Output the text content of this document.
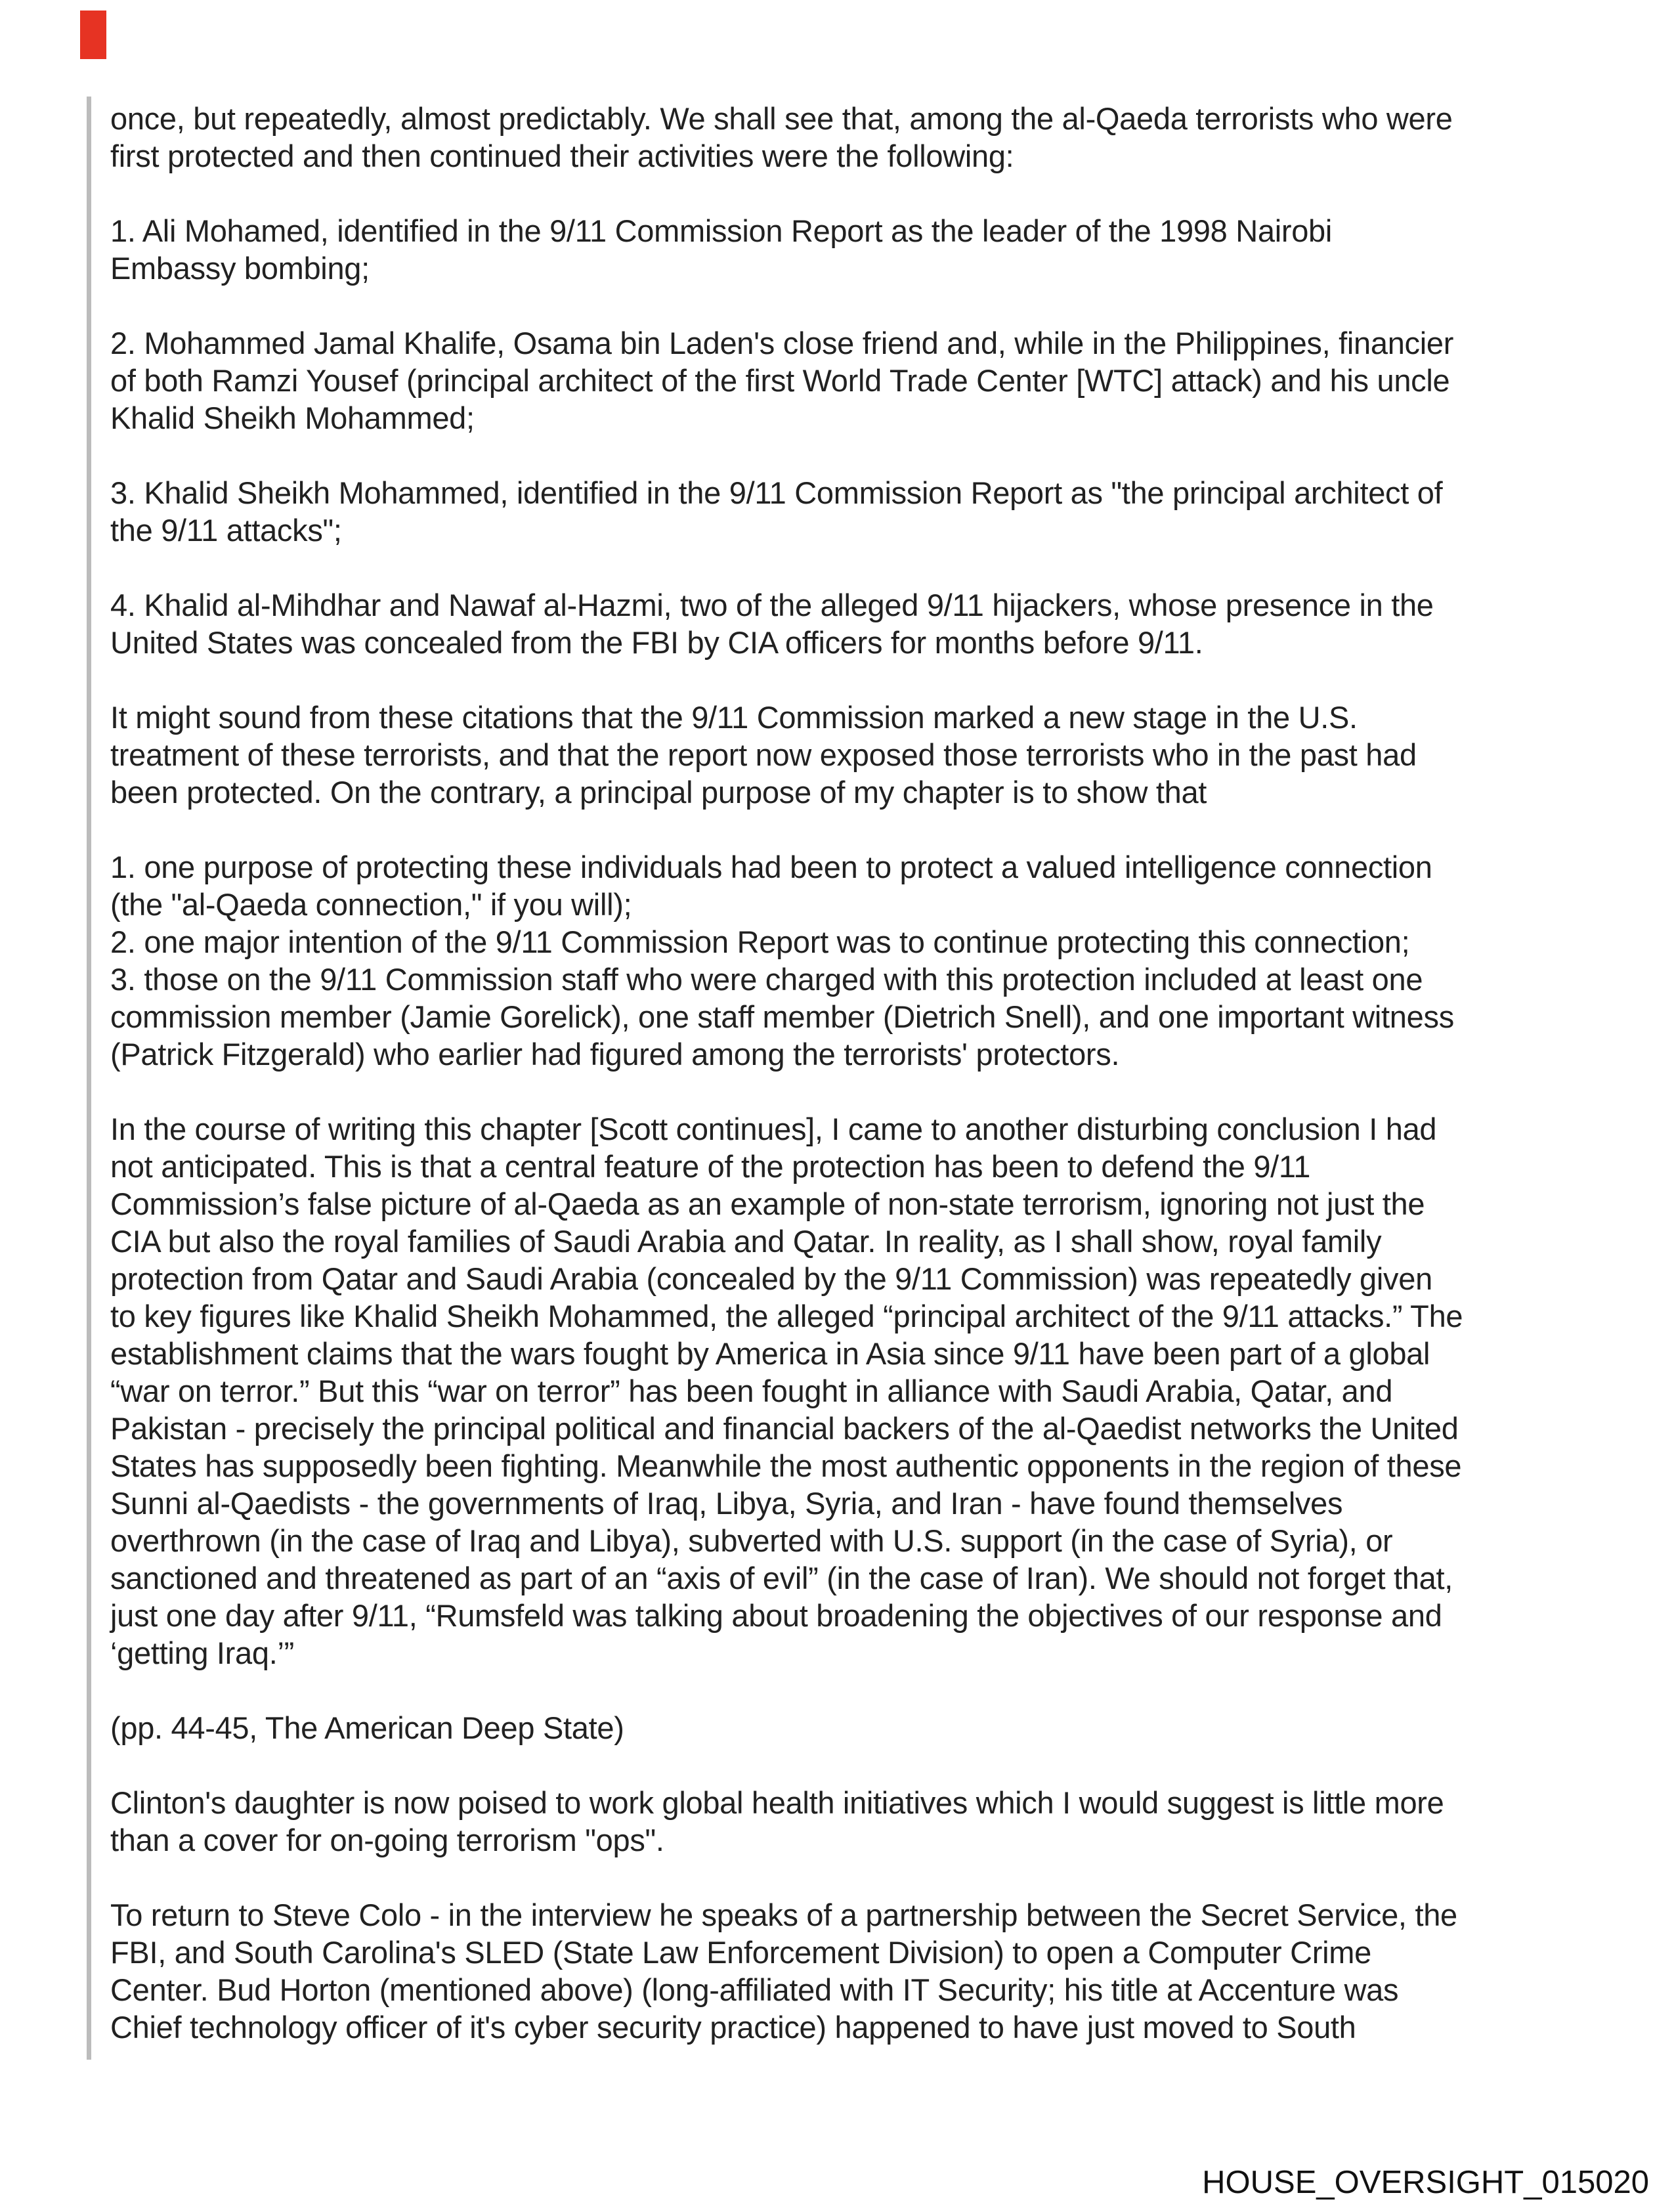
once, but repeatedly, almost predictably. We shall see that, among the al-Qaeda terrorists who were
first protected and then continued their activities were the following:
1. Ali Mohamed, identified in the 9/11 Commission Report as the leader of the 1998 Nairobi
Embassy bombing;
2. Mohammed Jamal Khalife, Osama bin Laden's close friend and, while in the Philippines, financier
of both Ramzi Yousef (principal architect of the first World Trade Center [WTC] attack) and his uncle
Khalid Sheikh Mohammed;
3. Khalid Sheikh Mohammed, identified in the 9/11 Commission Report as "the principal architect of
the 9/11 attacks";
4. Khalid al-Mihdhar and Nawaf al-Hazmi, two of the alleged 9/11 hijackers, whose presence in the
United States was concealed from the FBI by CIA officers for months before 9/11.
It might sound from these citations that the 9/11 Commission marked a new stage in the U.S.
treatment of these terrorists, and that the report now exposed those terrorists who in the past had
been protected. On the contrary, a principal purpose of my chapter is to show that
1. one purpose of protecting these individuals had been to protect a valued intelligence connection
(the "al-Qaeda connection," if you will);
2. one major intention of the 9/11 Commission Report was to continue protecting this connection;
3. those on the 9/11 Commission staff who were charged with this protection included at least one
commission member (Jamie Gorelick), one staff member (Dietrich Snell), and one important witness
(Patrick Fitzgerald) who earlier had figured among the terrorists' protectors.
In the course of writing this chapter [Scott continues], I came to another disturbing conclusion I had
not anticipated. This is that a central feature of the protection has been to defend the 9/11
Commission’s false picture of al-Qaeda as an example of non-state terrorism, ignoring not just the
CIA but also the royal families of Saudi Arabia and Qatar. In reality, as I shall show, royal family
protection from Qatar and Saudi Arabia (concealed by the 9/11 Commission) was repeatedly given
to key figures like Khalid Sheikh Mohammed, the alleged “principal architect of the 9/11 attacks.” The
establishment claims that the wars fought by America in Asia since 9/11 have been part of a global
“war on terror.” But this “war on terror” has been fought in alliance with Saudi Arabia, Qatar, and
Pakistan - precisely the principal political and financial backers of the al-Qaedist networks the United
States has supposedly been fighting. Meanwhile the most authentic opponents in the region of these
Sunni al-Qaedists - the governments of Iraq, Libya, Syria, and Iran - have found themselves
overthrown (in the case of Iraq and Libya), subverted with U.S. support (in the case of Syria), or
sanctioned and threatened as part of an “axis of evil” (in the case of Iran). We should not forget that,
just one day after 9/11, “Rumsfeld was talking about broadening the objectives of our response and
‘getting Iraq.’”
(pp. 44-45, The American Deep State)
Clinton's daughter is now poised to work global health initiatives which I would suggest is little more
than a cover for on-going terrorism "ops".
To return to Steve Colo - in the interview he speaks of a partnership between the Secret Service, the
FBI, and South Carolina's SLED (State Law Enforcement Division) to open a Computer Crime
Center. Bud Horton (mentioned above) (long-affiliated with IT Security; his title at Accenture was
Chief technology officer of it's cyber security practice) happened to have just moved to South
HOUSE_OVERSIGHT_015020
